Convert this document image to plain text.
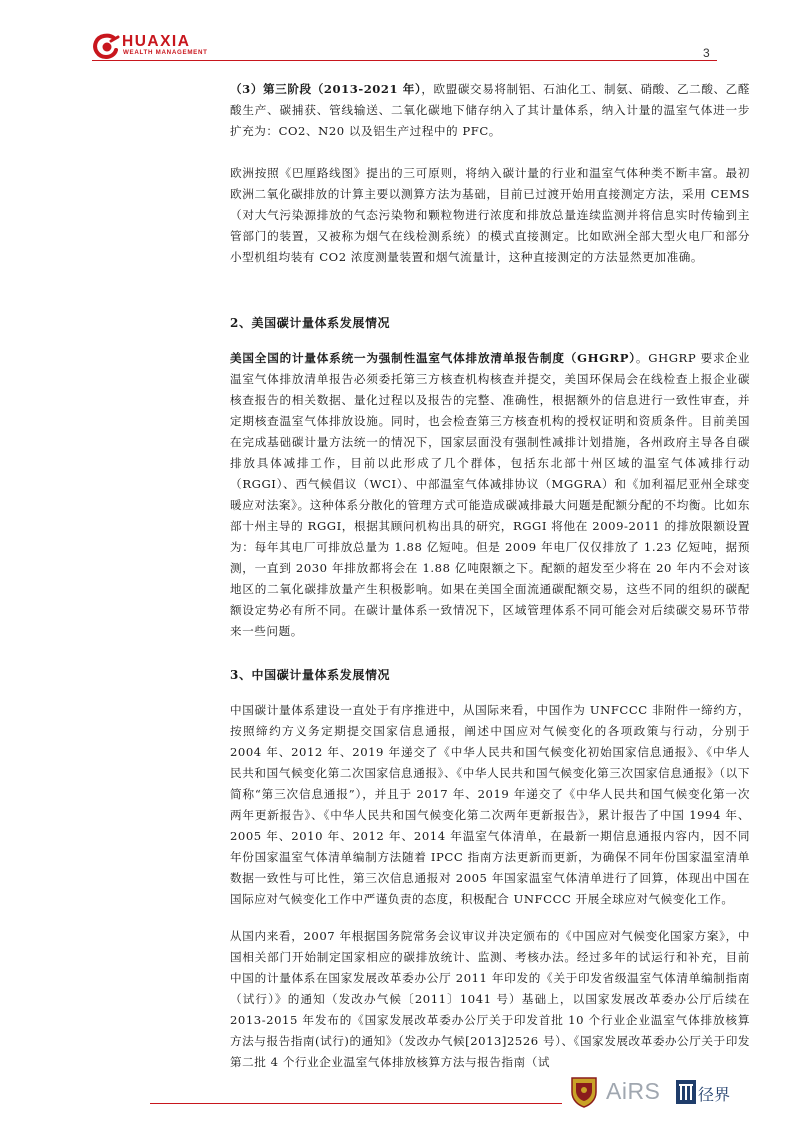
HUAXIA
WEALTH MANAGEMENT	3

（3）第三阶段（2013-2021 年），欧盟碳交易将制铝、石油化工、制氨、硝酸、乙二酸、乙醛酸生产、碳捕获、管线输送、二氧化碳地下储存纳入了其计量体系，纳入计量的温室气体进一步扩充为：CO2、N20 以及铝生产过程中的 PFC。

欧洲按照《巴厘路线图》提出的三可原则，将纳入碳计量的行业和温室气体种类不断丰富。最初欧洲二氧化碳排放的计算主要以测算方法为基础，目前已过渡开始用直接测定方法，采用 CEMS（对大气污染源排放的气态污染物和颗粒物进行浓度和排放总量连续监测并将信息实时传输到主管部门的装置，又被称为烟气在线检测系统）的模式直接测定。比如欧洲全部大型火电厂和部分小型机组均装有 CO2 浓度测量装置和烟气流量计，这种直接测定的方法显然更加准确。

2、美国碳计量体系发展情况

美国全国的计量体系统一为强制性温室气体排放清单报告制度（GHGRP）。GHGRP 要求企业温室气体排放清单报告必须委托第三方核查机构核查并提交，美国环保局会在线检查上报企业碳核查报告的相关数据、量化过程以及报告的完整、准确性，根据额外的信息进行一致性审查，并定期核查温室气体排放设施。同时，也会检查第三方核查机构的授权证明和资质条件。目前美国在完成基础碳计量方法统一的情况下，国家层面没有强制性减排计划措施，各州政府主导各自碳排放具体减排工作，目前以此形成了几个群体，包括东北部十州区域的温室气体减排行动（RGGI）、西气候倡议（WCI）、中部温室气体减排协议（MGGRA）和《加利福尼亚州全球变暖应对法案》。这种体系分散化的管理方式可能造成碳减排最大问题是配额分配的不均衡。比如东部十州主导的 RGGI，根据其顾问机构出具的研究，RGGI 将他在 2009-2011 的排放限额设置为：每年其电厂可排放总量为 1.88 亿短吨。但是 2009 年电厂仅仅排放了 1.23 亿短吨，据预测，一直到 2030 年排放都将会在 1.88 亿吨限额之下。配额的超发至少将在 20 年内不会对该地区的二氧化碳排放量产生积极影响。如果在美国全面流通碳配额交易，这些不同的组织的碳配额设定势必有所不同。在碳计量体系一致情况下，区域管理体系不同可能会对后续碳交易环节带来一些问题。

3、中国碳计量体系发展情况

中国碳计量体系建设一直处于有序推进中，从国际来看，中国作为 UNFCCC 非附件一缔约方，按照缔约方义务定期提交国家信息通报，阐述中国应对气候变化的各项政策与行动，分别于 2004 年、2012 年、2019 年递交了《中华人民共和国气候变化初始国家信息通报》、《中华人民共和国气候变化第二次国家信息通报》、《中华人民共和国气候变化第三次国家信息通报》（以下简称“第三次信息通报”），并且于 2017 年、2019 年递交了《中华人民共和国气候变化第一次两年更新报告》、《中华人民共和国气候变化第二次两年更新报告》，累计报告了中国 1994 年、2005 年、2010 年、2012 年、2014 年温室气体清单，在最新一期信息通报内容内，因不同年份国家温室气体清单编制方法随着 IPCC 指南方法更新而更新，为确保不同年份国家温室清单数据一致性与可比性，第三次信息通报对 2005 年国家温室气体清单进行了回算，体现出中国在国际应对气候变化工作中严谨负责的态度，积极配合 UNFCCC 开展全球应对气候变化工作。

从国内来看，2007 年根据国务院常务会议审议并决定颁布的《中国应对气候变化国家方案》，中国相关部门开始制定国家相应的碳排放统计、监测、考核办法。经过多年的试运行和补充，目前中国的计量体系在国家发展改革委办公厅 2011 年印发的《关于印发省级温室气体清单编制指南（试行）》的通知（发改办气候〔2011〕1041 号）基础上，以国家发展改革委办公厅后续在 2013-2015 年发布的《国家发展改革委办公厅关于印发首批 10 个行业企业温室气体排放核算方法与报告指南(试行)的通知》（发改办气候[2013]2526 号）、《国家发展改革委办公厅关于印发第二批 4 个行业企业温室气体排放核算方法与报告指南（试

AiRS 径界
